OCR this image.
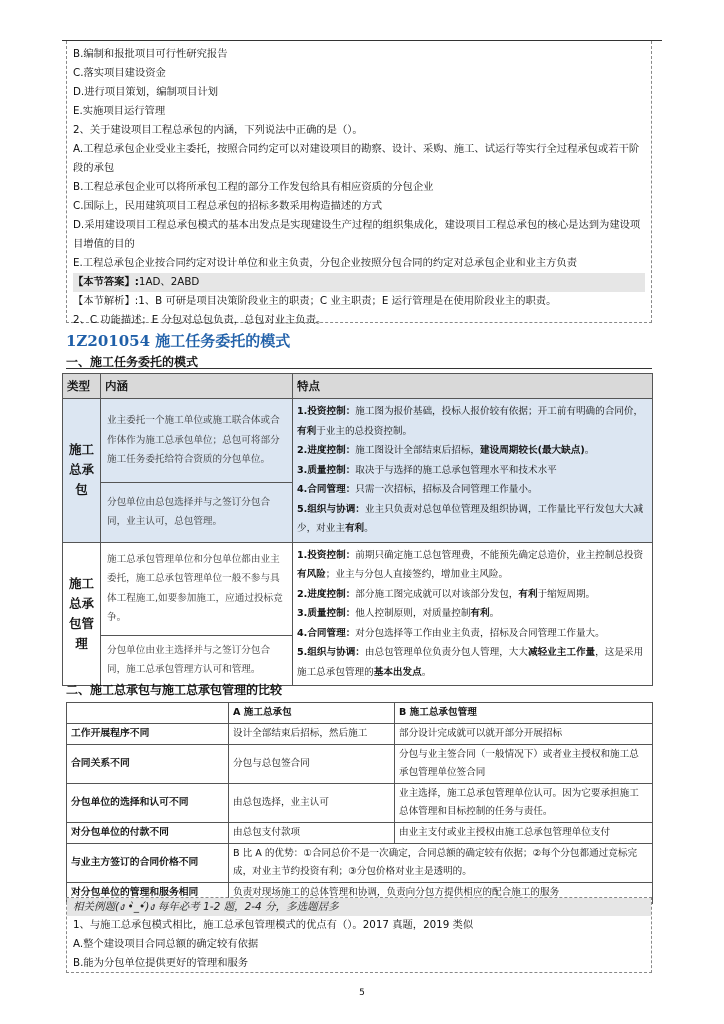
B.编制和报批项目可行性研究报告
C.落实项目建设资金
D.进行项目策划，编制项目计划
E.实施项目运行管理
2、关于建设项目工程总承包的内涵，下列说法中正确的是（）。
A.工程总承包企业受业主委托，按照合同约定可以对建设项目的勘察、设计、采购、施工、试运行等实行全过程承包或若干阶段的承包
B.工程总承包企业可以将所承包工程的部分工作发包给具有相应资质的分包企业
C.国际上，民用建筑项目工程总承包的招标多数采用构造描述的方式
D.采用建设项目工程总承包模式的基本出发点是实现建设生产过程的组织集成化，建设项目工程总承包的核心是达到为建设项目增值的目的
E.工程总承包企业按合同约定对设计单位和业主负责，分包企业按照分包合同的约定对总承包企业和业主方负责
【本节答案】:1AD、2ABD
【本节解析】:1、B 可研是项目决策阶段业主的职责；C 业主职责；E 运行管理是在使用阶段业主的职责。
2、C 功能描述；E 分包对总包负责，总包对业主负责。
1Z201054 施工任务委托的模式
一、施工任务委托的模式
类型	内涵	特点
施工总承包	业主委托一个施工单位或施工联合体或合作体作为施工总承包单位；总包可将部分施工任务委托给符合资质的分包单位。	1.投资控制：施工图为报价基础，投标人报价较有依据；开工前有明确的合同价，有利于业主的总投资控制。
2.进度控制：施工图设计全部结束后招标，建设周期较长(最大缺点)。
3.质量控制：取决于与选择的施工总承包管理水平和技术水平
4.合同管理：只需一次招标，招标及合同管理工作量小。
5.组织与协调：业主只负责对总包单位管理及组织协调，工作量比平行发包大大减少，对业主有利。

	分包单位由总包选择并与之签订分包合同，业主认可，总包管理。	
施工总承包管理	施工总承包管理单位和分包单位都由业主委托，施工总承包管理单位一般不参与具体工程施工,如要参加施工，应通过投标竞争。	1.投资控制：前期只确定施工总包管理费，不能预先确定总造价，业主控制总投资有风险；业主与分包人直接签约，增加业主风险。
2.进度控制：部分施工图完成就可以对该部分发包，有利于缩短周期。
3.质量控制：他人控制原则，对质量控制有利。
4.合同管理：对分包选择等工作由业主负责，招标及合同管理工作量大。
5.组织与协调：由总包管理单位负责分包人管理，大大减轻业主工作量，这是采用施工总承包管理的基本出发点。

	分包单位由业主选择并与之签订分包合同，施工总承包管理方认可和管理。	
二、施工总承包与施工总承包管理的比较
	A 施工总承包	B 施工总承包管理
工作开展程序不同	设计全部结束后招标，然后施工	部分设计完成就可以就开部分开展招标
合同关系不同	分包与总包签合同	分包与业主签合同（一般情况下）或者业主授权和施工总承包管理单位签合同
分包单位的选择和认可不同	由总包选择，业主认可	业主选择，施工总承包管理单位认可。因为它要承担施工总体管理和目标控制的任务与责任。
对分包单位的付款不同	由总包支付款项	由业主支付或业主授权由施工总承包管理单位支付
与业主方签订的合同价格不同	B 比 A 的优势：①合同总价不是一次确定，合同总额的确定较有依据；②每个分包都通过竞标完成，对业主节约投资有利；③分包价格对业主是透明的。	
对分包单位的管理和服务相同	负责对现场施工的总体管理和协调，负责向分包方提供相应的配合施工的服务	
相关例题(ง •̀_•́)ง 每年必考 1-2 题，2-4 分，多选题居多
1、与施工总承包模式相比，施工总承包管理模式的优点有（）。2017 真题，2019 类似
A.整个建设项目合同总额的确定较有依据
B.能为分包单位提供更好的管理和服务
5
